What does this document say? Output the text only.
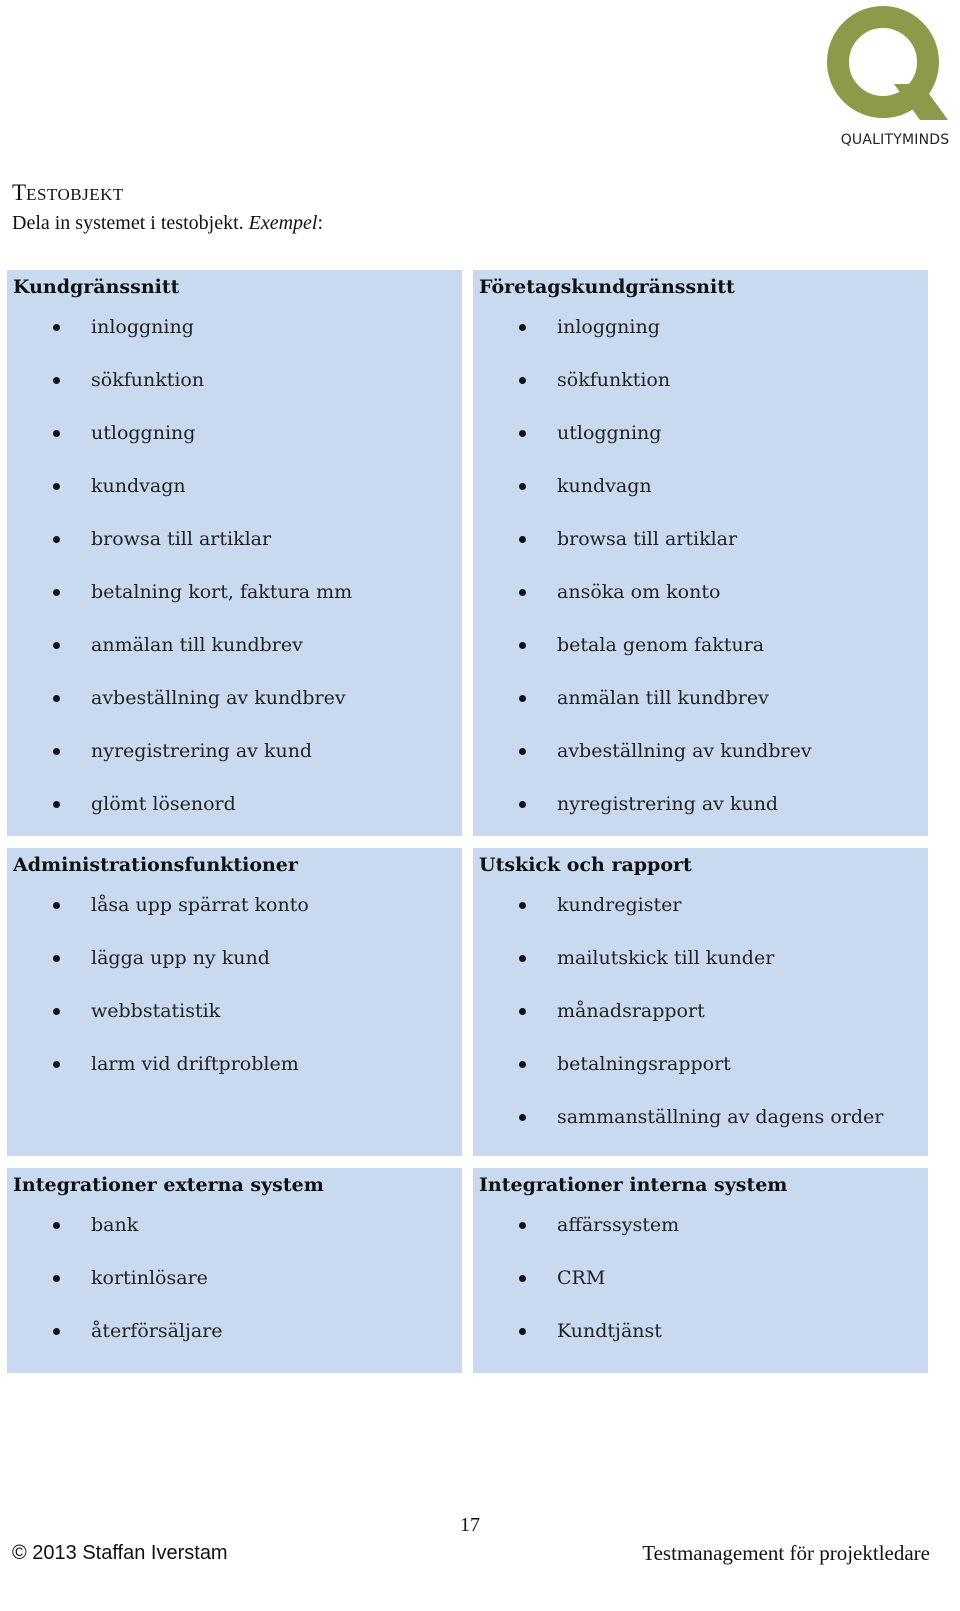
QUALITYMINDS
TESTOBJEKT
Dela in systemet i testobjekt. Exempel:
Kundgränssnitt
inloggning
sökfunktion
utloggning
kundvagn
browsa till artiklar
betalning kort, faktura mm
anmälan till kundbrev
avbeställning av kundbrev
nyregistrering av kund
glömt lösenord
Företagskundgränssnitt
inloggning
sökfunktion
utloggning
kundvagn
browsa till artiklar
ansöka om konto
betala genom faktura
anmälan till kundbrev
avbeställning av kundbrev
nyregistrering av kund
Administrationsfunktioner
låsa upp spärrat konto
lägga upp ny kund
webbstatistik
larm vid driftproblem
Utskick och rapport
kundregister
mailutskick till kunder
månadsrapport
betalningsrapport
sammanställning av dagens order
Integrationer externa system
bank
kortinlösare
återförsäljare
Integrationer interna system
affärssystem
CRM
Kundtjänst
17
© 2013 Staffan Iverstam	Testmanagement för projektledare
